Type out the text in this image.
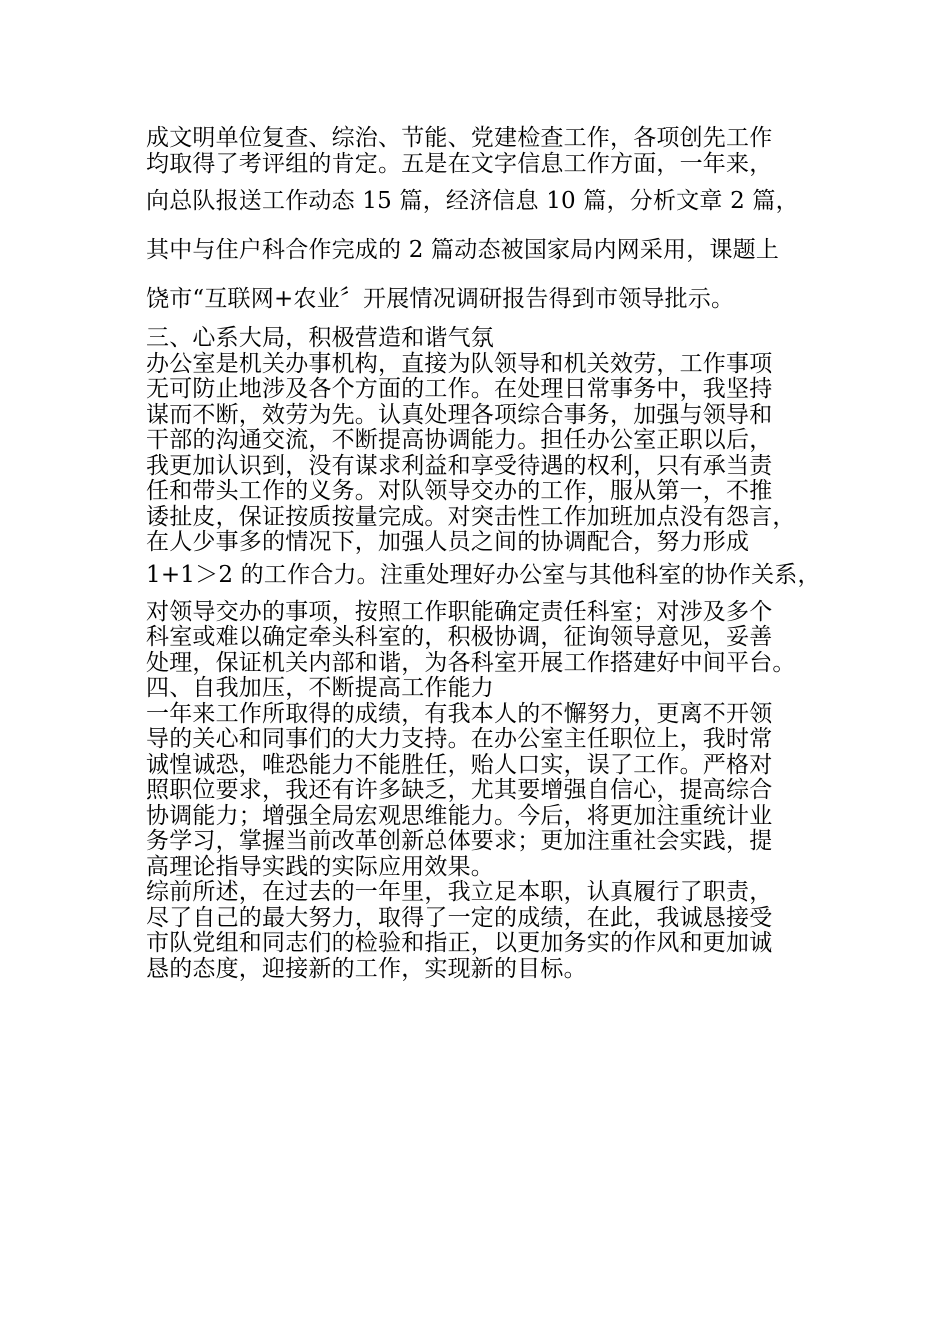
成文明单位复查、综治、节能、党建检查工作，各项创先工作
均取得了考评组的肯定。五是在文字信息工作方面，一年来，
向总队报送工作动态 15 篇，经济信息 10 篇，分析文章 2 篇，
其中与住户科合作完成的 2 篇动态被国家局内网采用，课题上
饶市“互联网+农业〞开展情况调研报告得到市领导批示。
三、心系大局，积极营造和谐气氛
办公室是机关办事机构，直接为队领导和机关效劳，工作事项
无可防止地涉及各个方面的工作。在处理日常事务中，我坚持
谋而不断，效劳为先。认真处理各项综合事务，加强与领导和
干部的沟通交流，不断提高协调能力。担任办公室正职以后，
我更加认识到，没有谋求利益和享受待遇的权利，只有承当责
任和带头工作的义务。对队领导交办的工作，服从第一，不推
诿扯皮，保证按质按量完成。对突击性工作加班加点没有怨言，
在人少事多的情况下，加强人员之间的协调配合，努力形成
1+1＞2 的工作合力。注重处理好办公室与其他科室的协作关系，
对领导交办的事项，按照工作职能确定责任科室；对涉及多个
科室或难以确定牵头科室的，积极协调，征询领导意见，妥善
处理，保证机关内部和谐，为各科室开展工作搭建好中间平台。
四、自我加压，不断提高工作能力
一年来工作所取得的成绩，有我本人的不懈努力，更离不开领
导的关心和同事们的大力支持。在办公室主任职位上，我时常
诚惶诚恐，唯恐能力不能胜任，贻人口实，误了工作。严格对
照职位要求，我还有许多缺乏，尤其要增强自信心，提高综合
协调能力；增强全局宏观思维能力。今后，将更加注重统计业
务学习，掌握当前改革创新总体要求；更加注重社会实践，提
高理论指导实践的实际应用效果。
综前所述，在过去的一年里，我立足本职，认真履行了职责，
尽了自己的最大努力，取得了一定的成绩，在此，我诚恳接受
市队党组和同志们的检验和指正，以更加务实的作风和更加诚
恳的态度，迎接新的工作，实现新的目标。
